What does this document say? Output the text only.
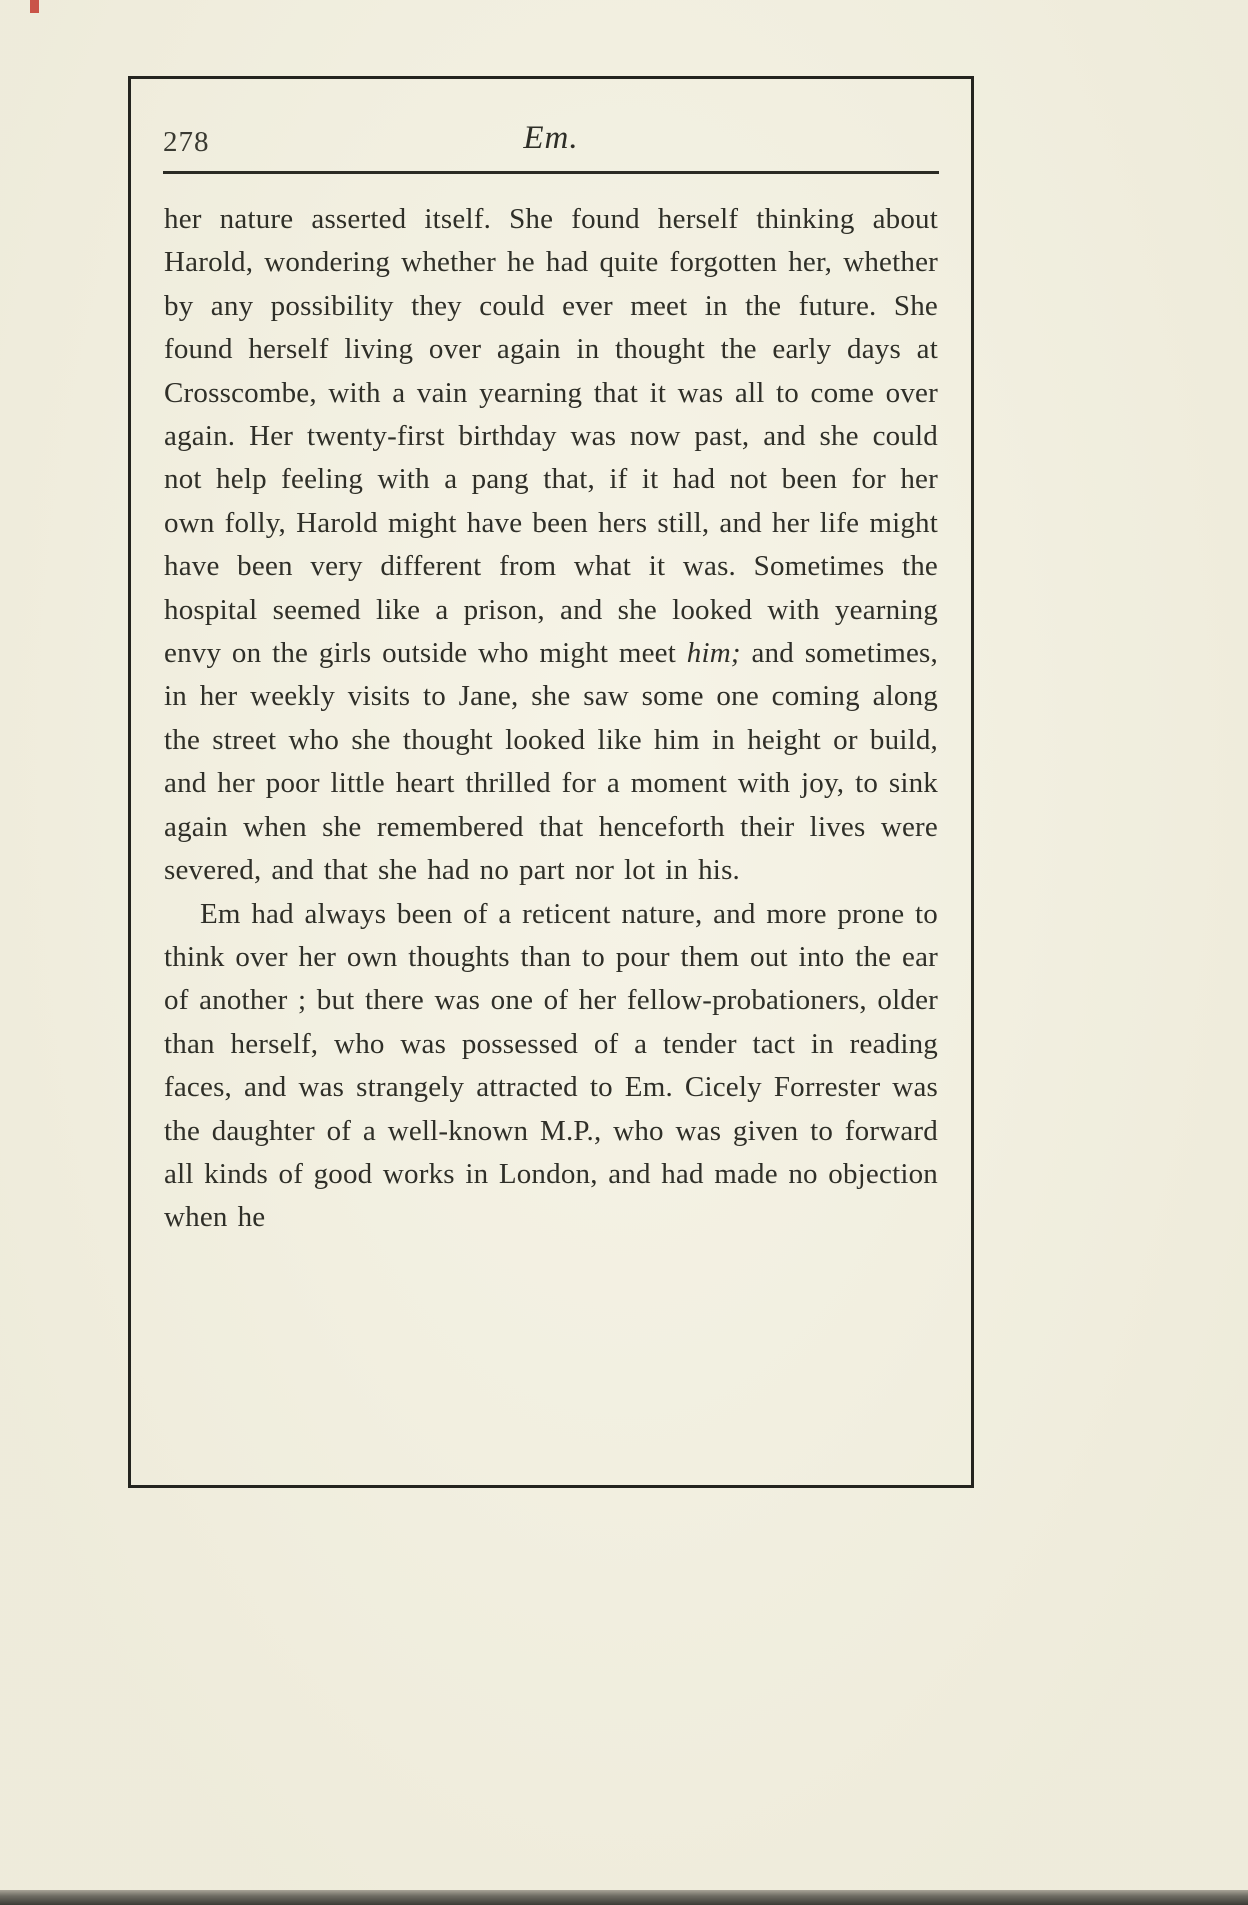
278	Em.

her nature asserted itself. She found herself thinking about Harold, wondering whether he had quite forgotten her, whether by any possibility they could ever meet in the future. She found herself living over again in thought the early days at Crosscombe, with a vain yearning that it was all to come over again. Her twenty-first birthday was now past, and she could not help feeling with a pang that, if it had not been for her own folly, Harold might have been hers still, and her life might have been very different from what it was. Sometimes the hospital seemed like a prison, and she looked with yearning envy on the girls outside who might meet him; and sometimes, in her weekly visits to Jane, she saw some one coming along the street who she thought looked like him in height or build, and her poor little heart thrilled for a moment with joy, to sink again when she remembered that henceforth their lives were severed, and that she had no part nor lot in his.

Em had always been of a reticent nature, and more prone to think over her own thoughts than to pour them out into the ear of another ; but there was one of her fellow-probationers, older than herself, who was possessed of a tender tact in reading faces, and was strangely attracted to Em. Cicely Forrester was the daughter of a well-known M.P., who was given to forward all kinds of good works in London, and had made no objection when he
